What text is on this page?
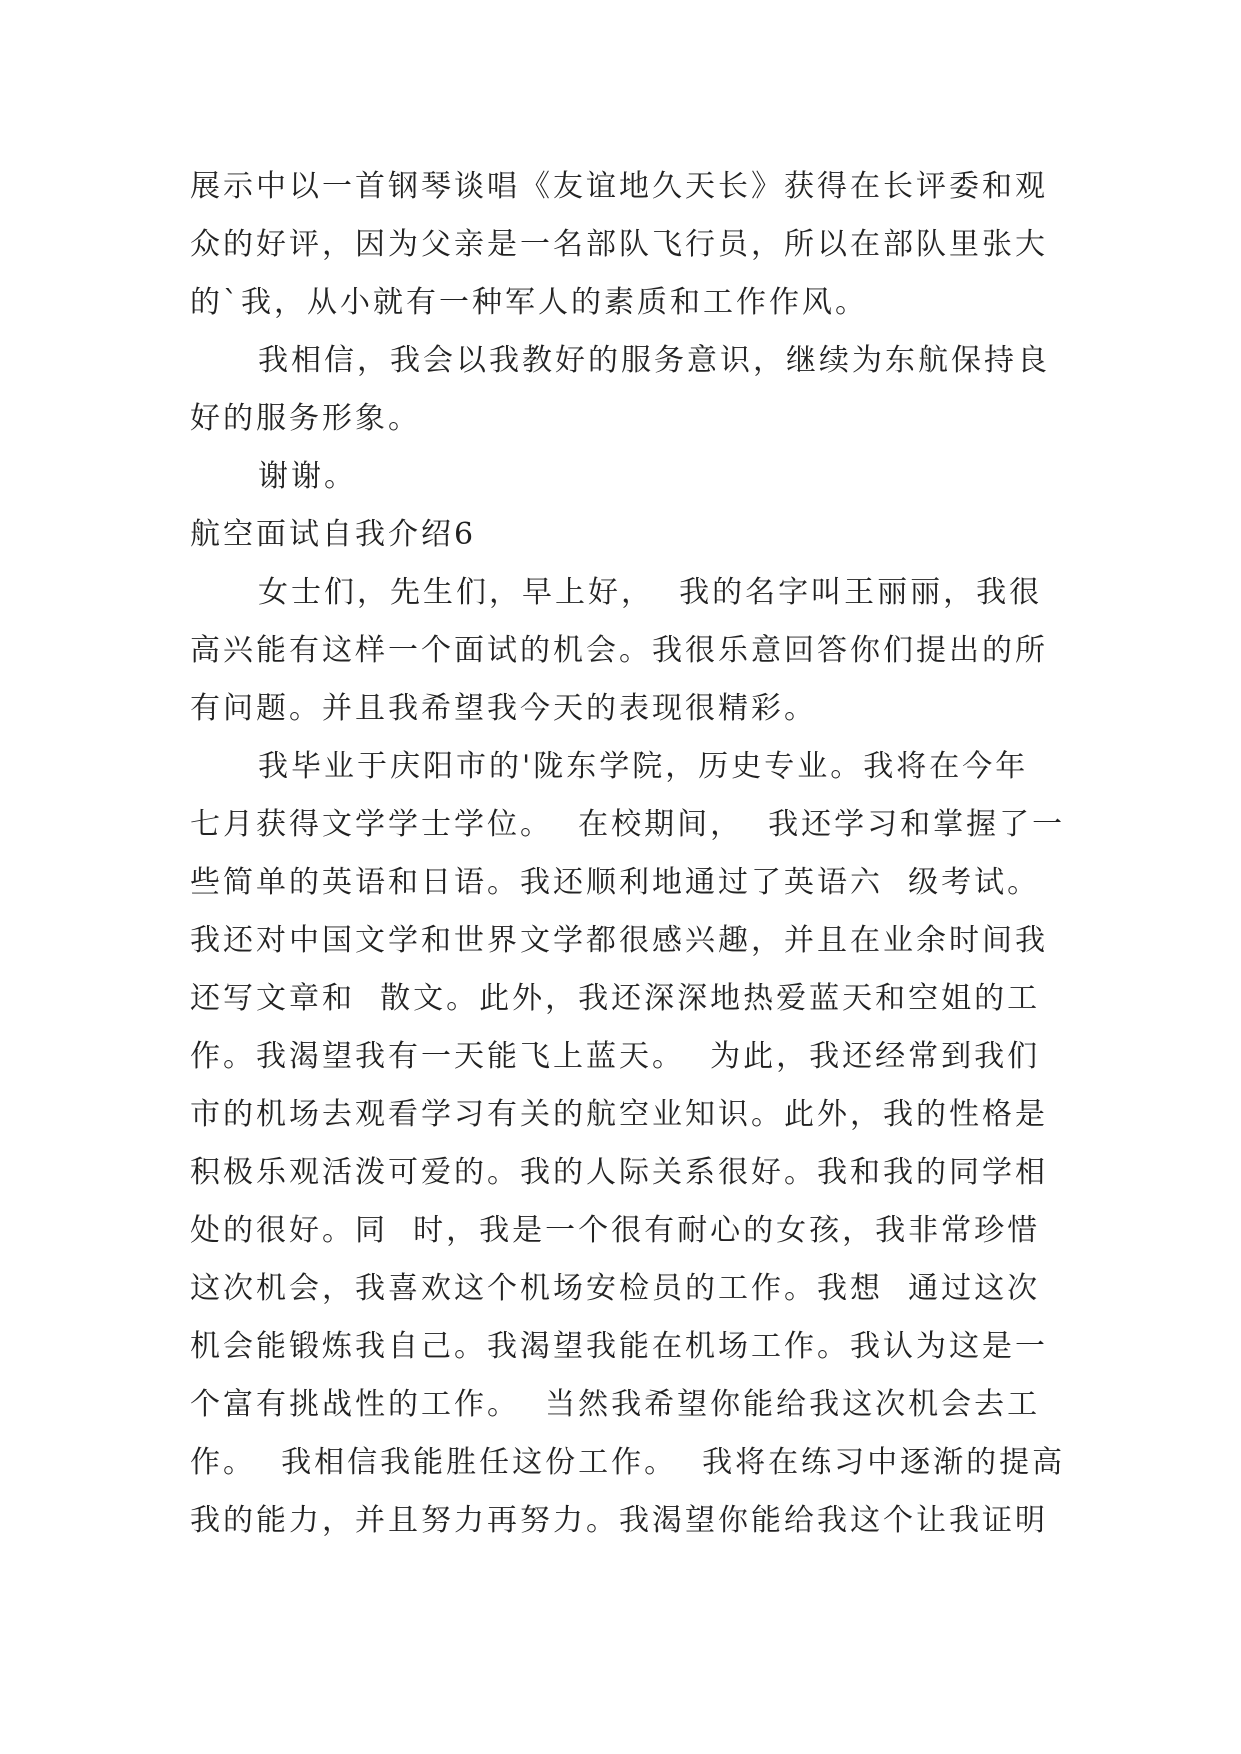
展示中以一首钢琴谈唱《友谊地久天长》获得在长评委和观
众的好评，因为父亲是一名部队飞行员，所以在部队里张大
的`我，从小就有一种军人的素质和工作作风。
我相信，我会以我教好的服务意识，继续为东航保持良
好的服务形象。
谢谢。
航空面试自我介绍6
女士们，先生们，早上好，  我的名字叫王丽丽，我很
高兴能有这样一个面试的机会。我很乐意回答你们提出的所
有问题。并且我希望我今天的表现很精彩。
我毕业于庆阳市的'陇东学院，历史专业。我将在今年
七月获得文学学士学位。  在校期间，  我还学习和掌握了一
些简单的英语和日语。我还顺利地通过了英语六  级考试。
我还对中国文学和世界文学都很感兴趣，并且在业余时间我
还写文章和  散文。此外，我还深深地热爱蓝天和空姐的工
作。我渴望我有一天能飞上蓝天。  为此，我还经常到我们
市的机场去观看学习有关的航空业知识。此外，我的性格是
积极乐观活泼可爱的。我的人际关系很好。我和我的同学相
处的很好。同  时，我是一个很有耐心的女孩，我非常珍惜
这次机会，我喜欢这个机场安检员的工作。我想  通过这次
机会能锻炼我自己。我渴望我能在机场工作。我认为这是一
个富有挑战性的工作。  当然我希望你能给我这次机会去工
作。  我相信我能胜任这份工作。  我将在练习中逐渐的提高
我的能力，并且努力再努力。我渴望你能给我这个让我证明
